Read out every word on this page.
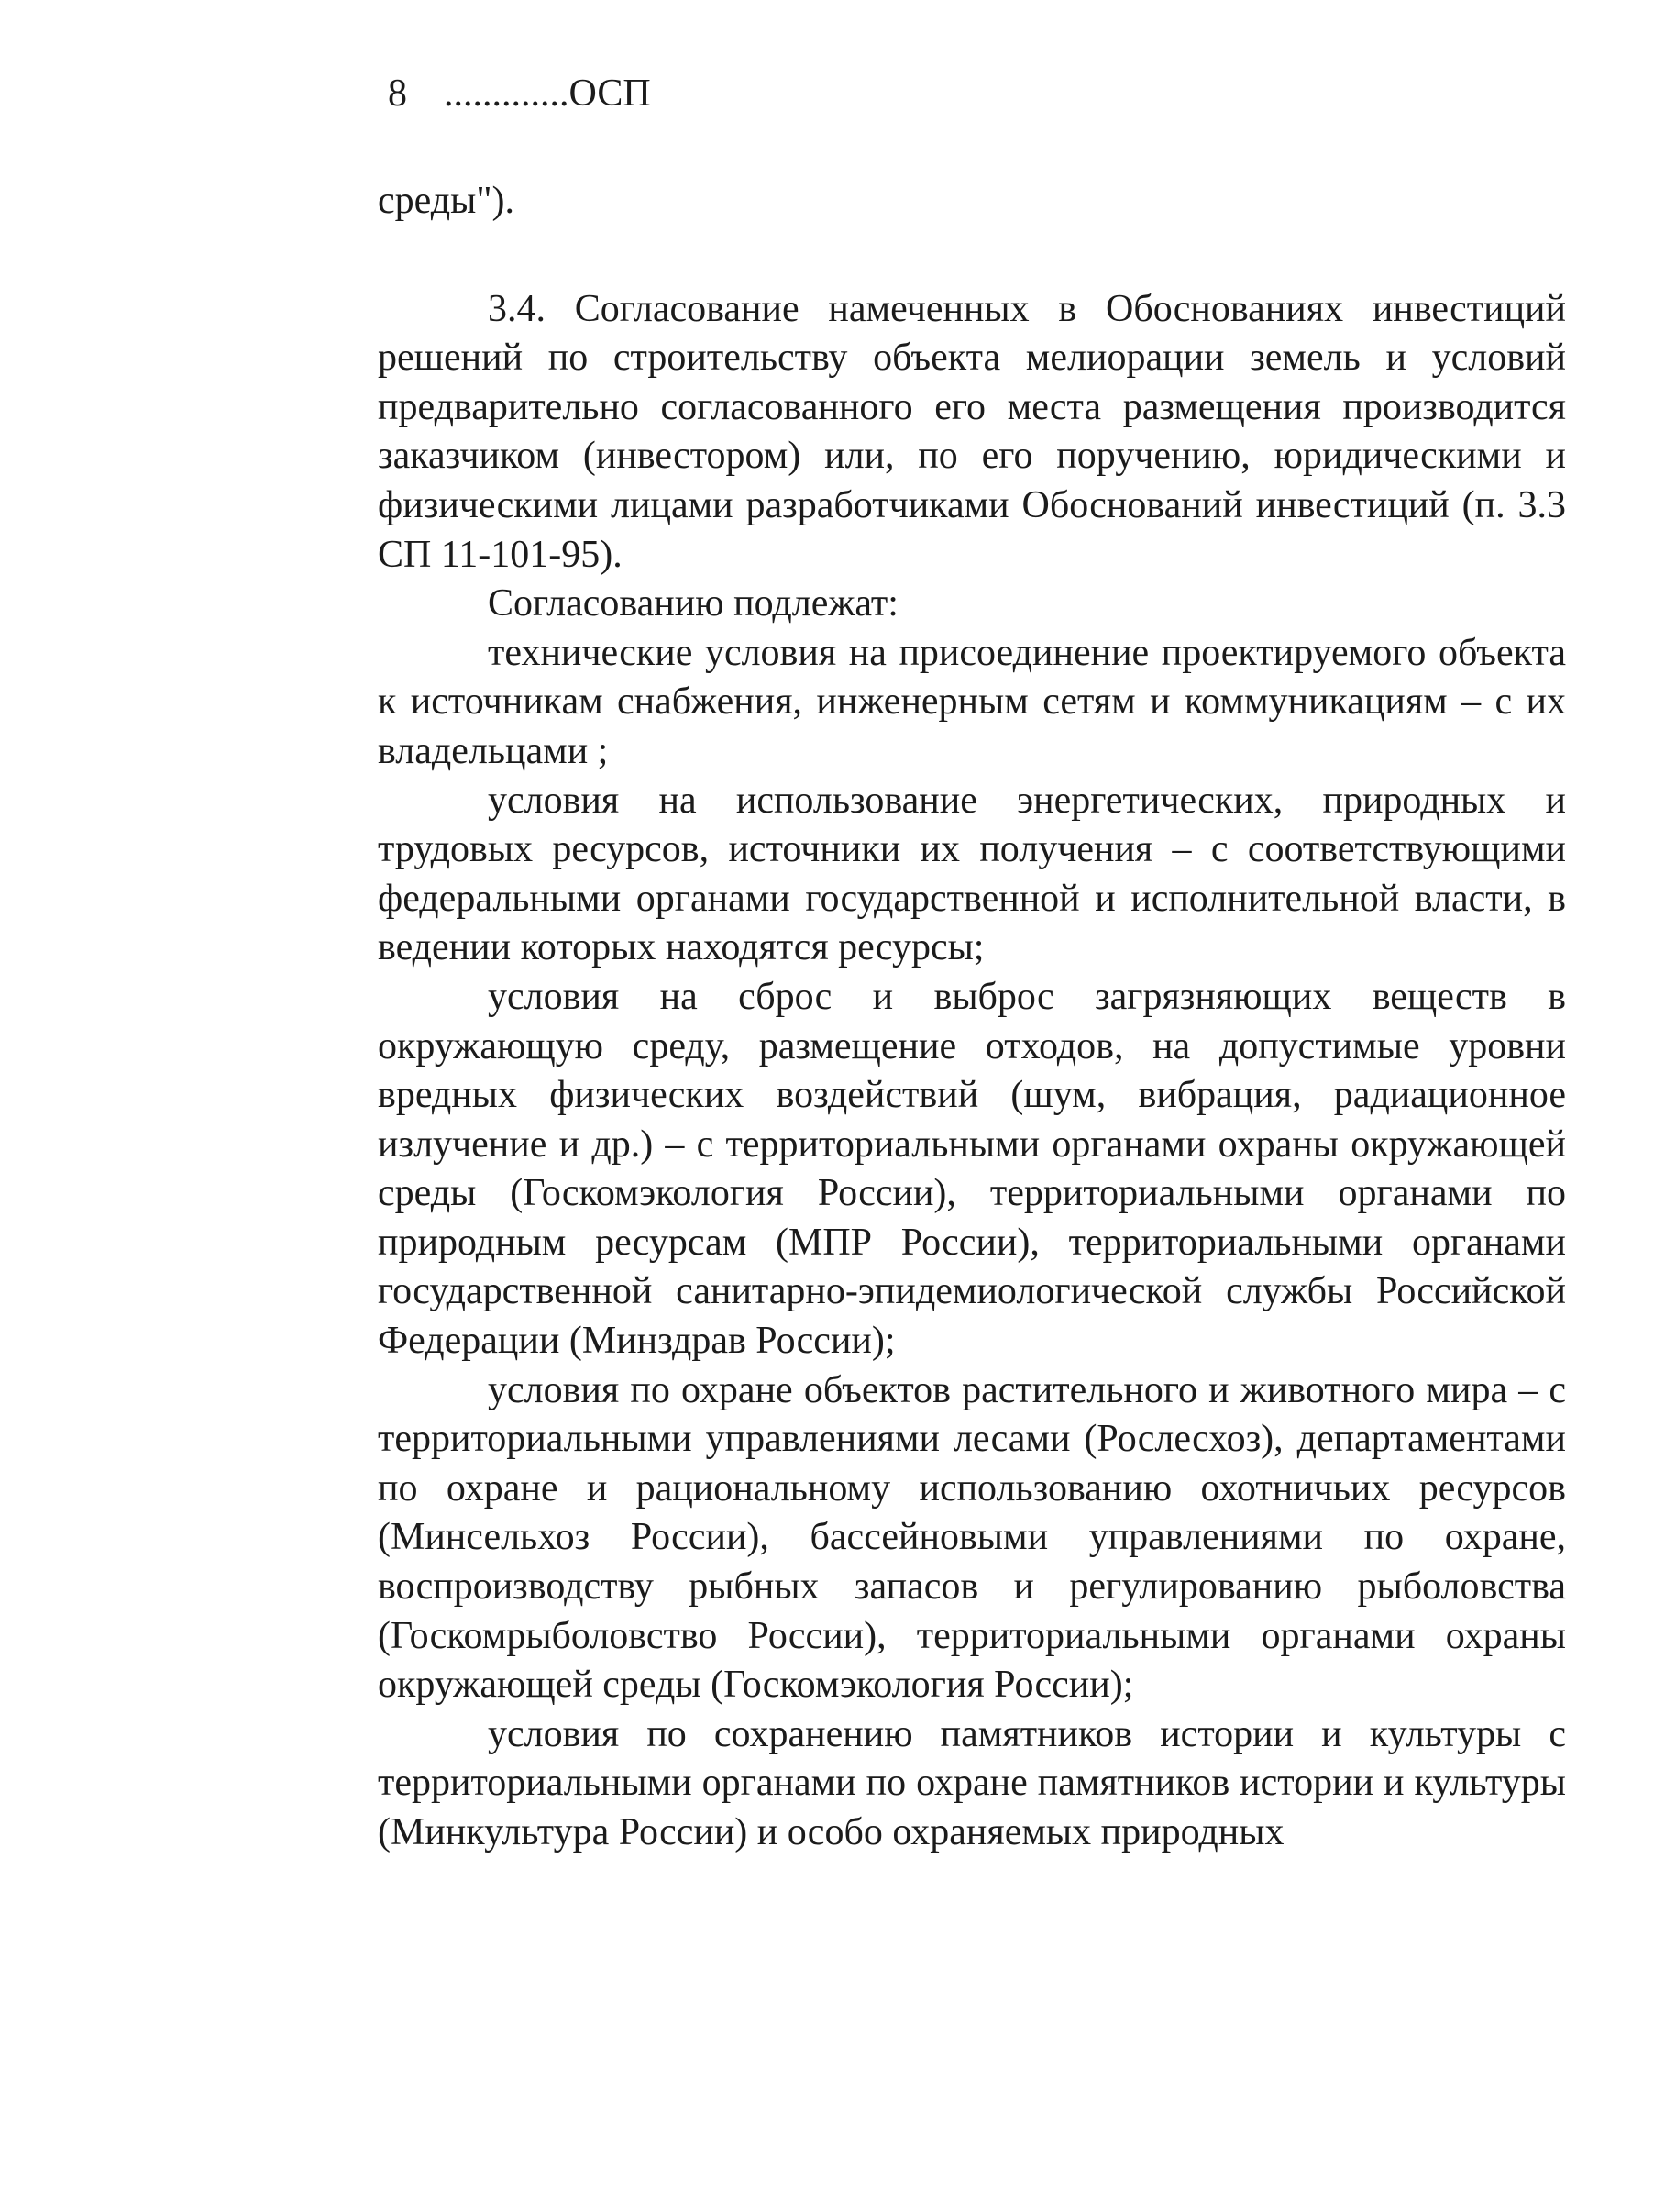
8 .............ОСП

среды").

3.4. Согласование намеченных в Обоснованиях инвестиций решений по строительству объекта мелиорации земель и условий предварительно согласованного его места размещения производится заказчиком (инвестором) или, по его поручению, юридическими и физическими лицами разработчиками Обоснований инвестиций (п. 3.3 СП 11-101-95).

Согласованию подлежат:

технические условия на присоединение проектируемого объекта к источникам снабжения, инженерным сетям и коммуникациям – с их владельцами ;

условия на использование энергетических, природных и трудовых ресурсов, источники их получения – с соответствующими федеральными органами государственной и исполнительной власти, в ведении которых находятся ресурсы;

условия на сброс и выброс загрязняющих веществ в окружающую среду, размещение отходов, на допустимые уровни вредных физических воздействий (шум, вибрация, радиационное излучение и др.) – с территориальными органами охраны окружающей среды (Госкомэкология России), территориальными органами по природным ресурсам (МПР России), территориальными органами государственной санитарно-эпидемиологической службы Российской Федерации (Минздрав России);

условия по охране объектов растительного и животного мира – с территориальными управлениями лесами (Рослесхоз), департаментами по охране и рациональному использованию охотничьих ресурсов (Минсельхоз России), бассейновыми управлениями по охране, воспроизводству рыбных запасов и регулированию рыболовства (Госкомрыболовство России), территориальными органами охраны окружающей среды (Госкомэкология России);

условия по сохранению памятников истории и культуры с территориальными органами по охране памятников истории и культуры (Минкультура России) и особо охраняемых природных
